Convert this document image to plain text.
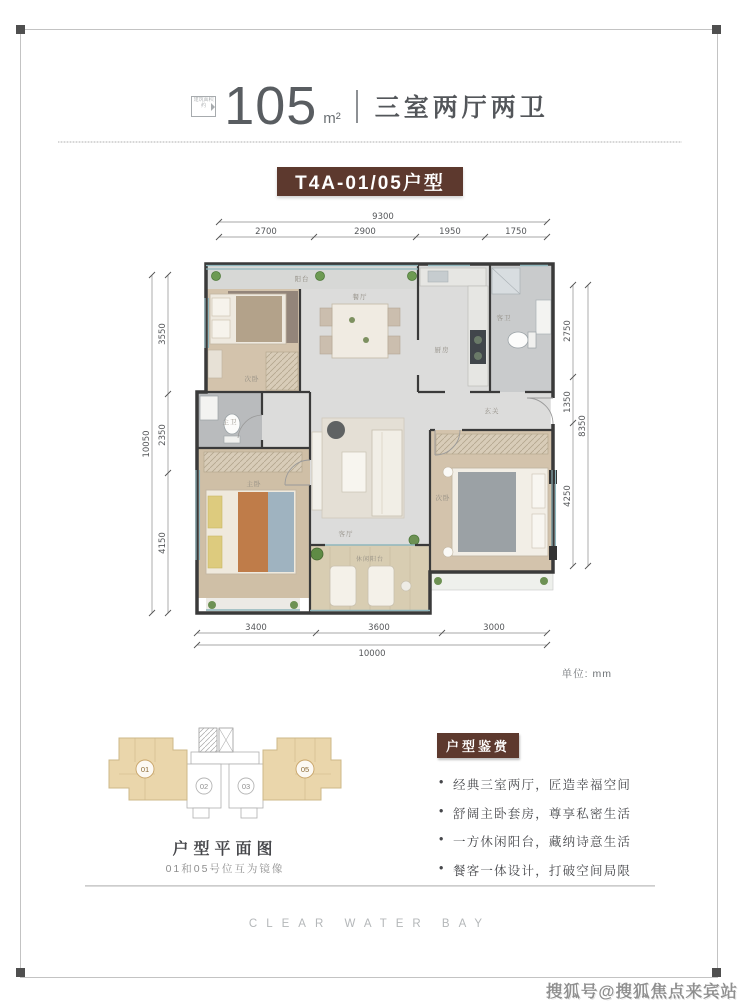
建筑面积约 105 m² 三室两厅两卫
T4A-01/05户型
阳台
次卧
餐厅
厨房
客卫
玄关
客厅
主卧
主卫
次卧
休闲阳台
9300
2700	2900	1950	1750
3400	3600	3000
10000
10050
3550
2350
4150
2750
1350
4250
8350
单位: mm
01
02	03
05
户型平面图
01和05号位互为镜像
户型鉴赏
• 经典三室两厅，匠造幸福空间
• 舒阔主卧套房，尊享私密生活
• 一方休闲阳台，藏纳诗意生活
• 餐客一体设计，打破空间局限
CLEAR WATER BAY
搜狐号@搜狐焦点来宾站
